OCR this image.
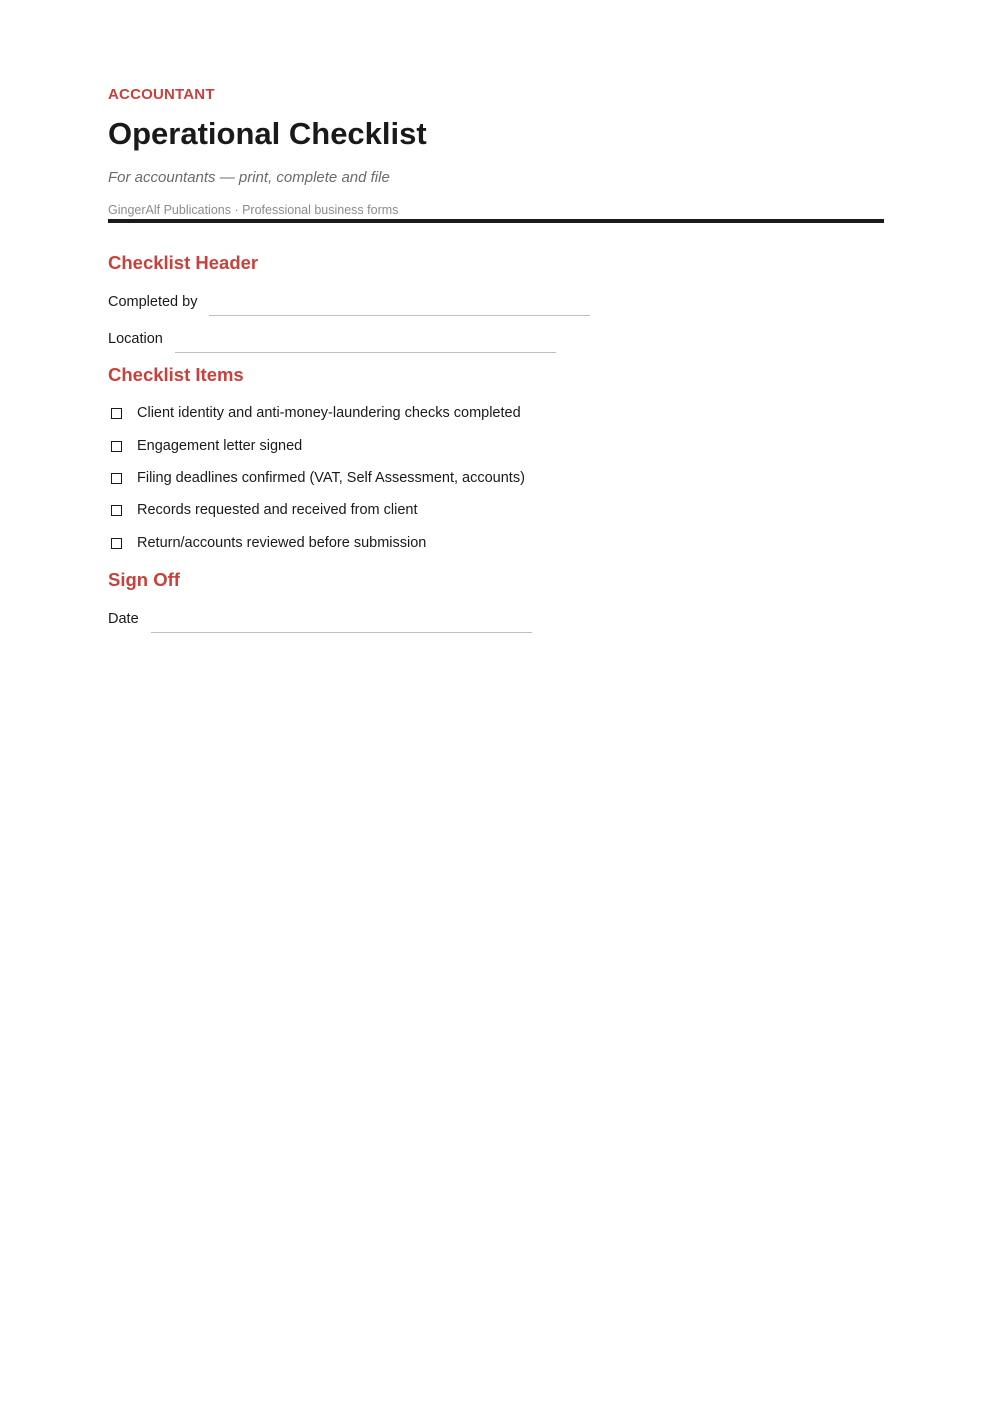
ACCOUNTANT
Operational Checklist
For accountants — print, complete and file
GingerAlf Publications · Professional business forms
Checklist Header
Completed by
Location
Checklist Items
Client identity and anti-money-laundering checks completed
Engagement letter signed
Filing deadlines confirmed (VAT, Self Assessment, accounts)
Records requested and received from client
Return/accounts reviewed before submission
Sign Off
Date
